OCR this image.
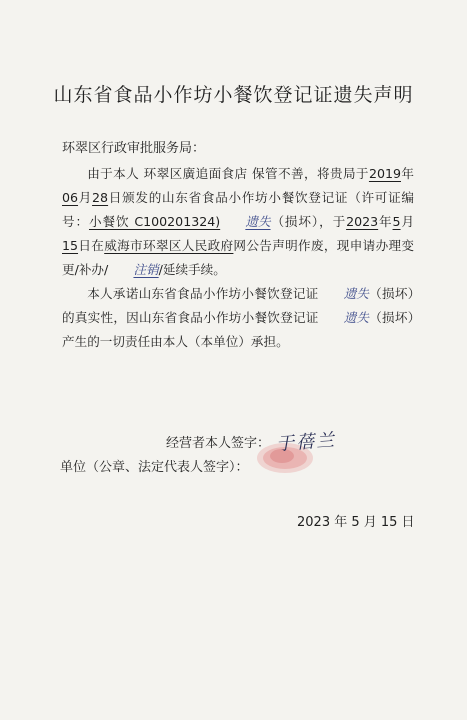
山东省食品小作坊小餐饮登记证遗失声明
环翠区行政审批服务局：

由于本人 环翠区廣追面食店 保管不善，将贵局于2019年06月28日颁发的山东省食品小作坊小餐饮登记证（许可证编号：小餐饮 C100201324) 遗失（损坏），于2023年5月15日在威海市环翠区人民政府网公告声明作废，现申请办理变更/补办/ 注销/延续手续。

本人承诺山东省食品小作坊小餐饮登记证 遗失（损坏）的真实性，因山东省食品小作坊小餐饮登记证 遗失（损坏）产生的一切责任由本人（本单位）承担。

经营者本人签字： 于蓓兰
单位（公章、法定代表人签字）：
2023 年 5 月 15 日
